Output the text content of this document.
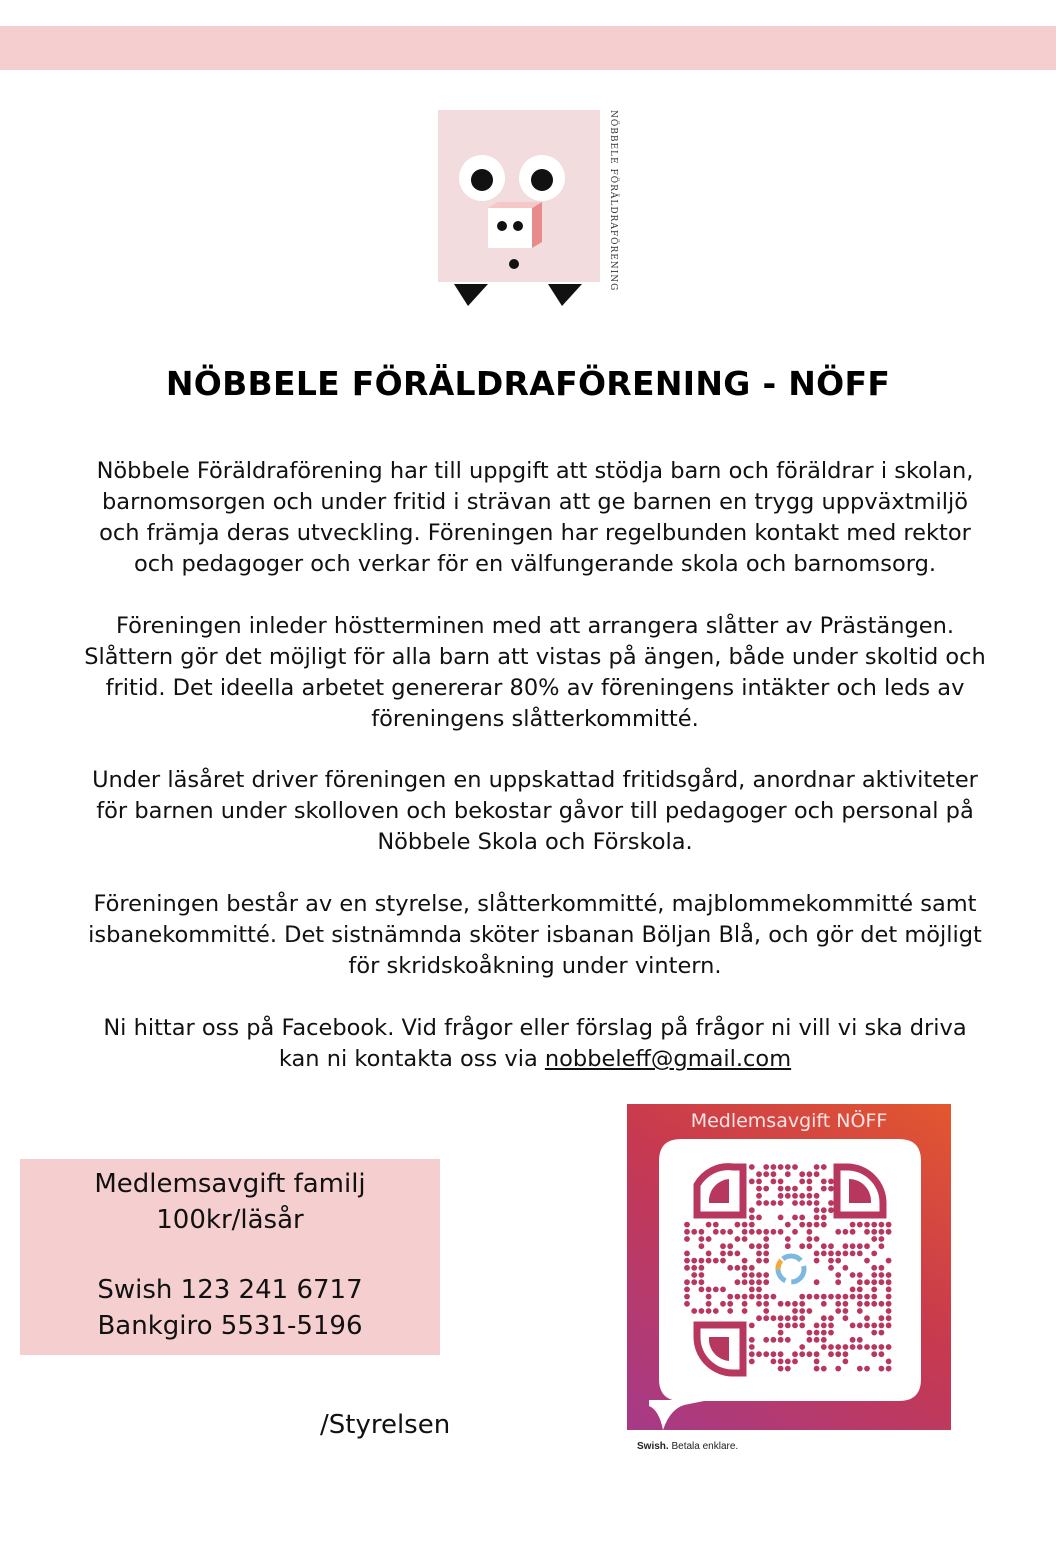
NÖBBELE FÖRÄLDRAFÖRENING
NÖBBELE FÖRÄLDRAFÖRENING - NÖFF
Nöbbele Föräldraförening har till uppgift att stödja barn och föräldrar i skolan,
barnomsorgen och under fritid i strävan att ge barnen en trygg uppväxtmiljö
och främja deras utveckling. Föreningen har regelbunden kontakt med rektor
och pedagoger och verkar för en välfungerande skola och barnomsorg.
Föreningen inleder höstterminen med att arrangera slåtter av Prästängen.
Slåttern gör det möjligt för alla barn att vistas på ängen, både under skoltid och
fritid. Det ideella arbetet genererar 80% av föreningens intäkter och leds av
föreningens slåtterkommitté.
Under läsåret driver föreningen en uppskattad fritidsgård, anordnar aktiviteter
för barnen under skolloven och bekostar gåvor till pedagoger och personal på
Nöbbele Skola och Förskola.
Föreningen består av en styrelse, slåtterkommitté, majblommekommitté samt
isbanekommitté. Det sistnämnda sköter isbanan Böljan Blå, och gör det möjligt
för skridskoåkning under vintern.
Ni hittar oss på Facebook. Vid frågor eller förslag på frågor ni vill vi ska driva
kan ni kontakta oss via nobbeleff@gmail.com
Medlemsavgift familj
100kr/läsår
Swish 123 241 6717
Bankgiro 5531-5196
/Styrelsen
Medlemsavgift NÖFF
Swish. Betala enklare.
